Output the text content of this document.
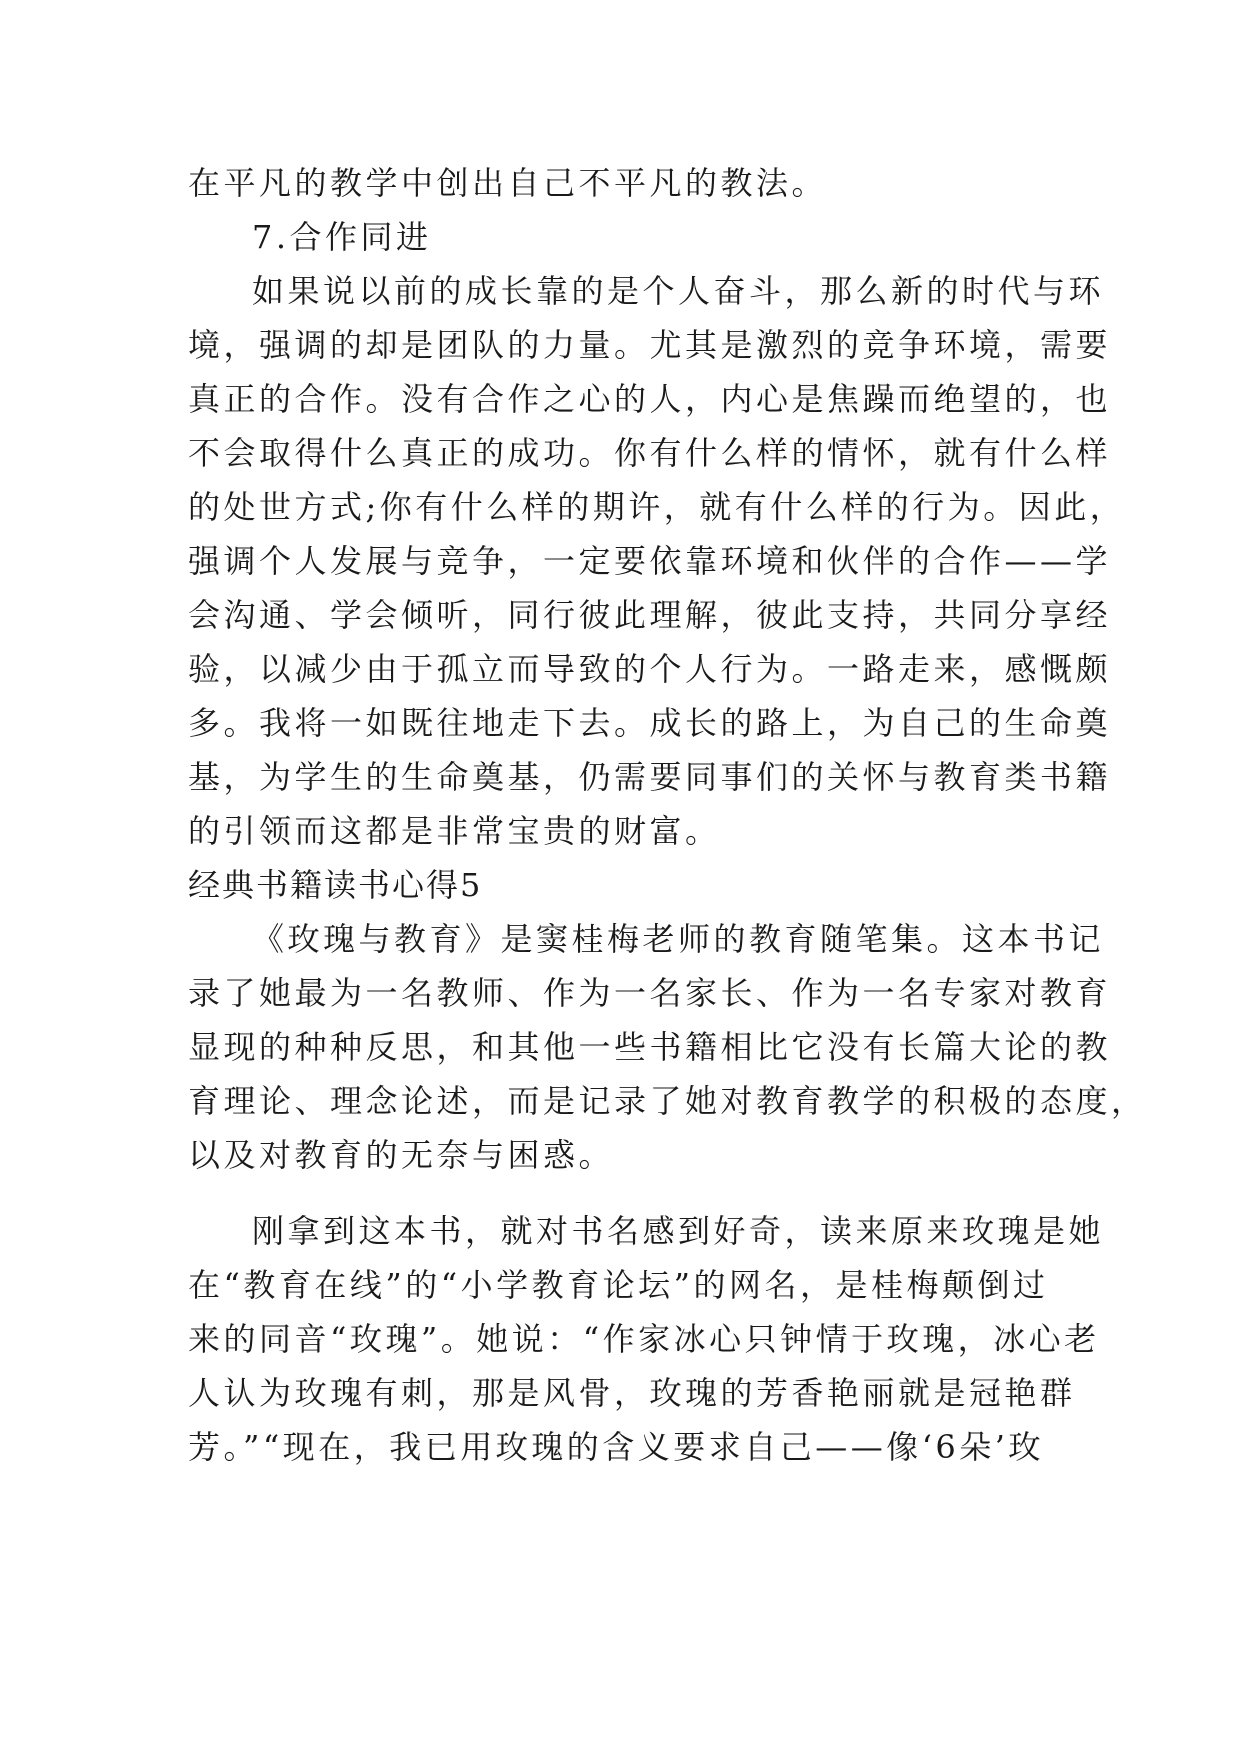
在平凡的教学中创出自己不平凡的教法。
7.合作同进
如果说以前的成长靠的是个人奋斗，那么新的时代与环
境，强调的却是团队的力量。尤其是激烈的竞争环境，需要
真正的合作。没有合作之心的人，内心是焦躁而绝望的，也
不会取得什么真正的成功。你有什么样的情怀，就有什么样
的处世方式;你有什么样的期许，就有什么样的行为。因此，
强调个人发展与竞争，一定要依靠环境和伙伴的合作——学
会沟通、学会倾听，同行彼此理解，彼此支持，共同分享经
验，以减少由于孤立而导致的个人行为。一路走来，感慨颇
多。我将一如既往地走下去。成长的路上，为自己的生命奠
基，为学生的生命奠基，仍需要同事们的关怀与教育类书籍
的引领而这都是非常宝贵的财富。
经典书籍读书心得5
《玫瑰与教育》是窦桂梅老师的教育随笔集。这本书记
录了她最为一名教师、作为一名家长、作为一名专家对教育
显现的种种反思，和其他一些书籍相比它没有长篇大论的教
育理论、理念论述，而是记录了她对教育教学的积极的态度，
以及对教育的无奈与困惑。
刚拿到这本书，就对书名感到好奇，读来原来玫瑰是她
在“教育在线”的“小学教育论坛”的网名，是桂梅颠倒过
来的同音“玫瑰”。她说：“作家冰心只钟情于玫瑰，冰心老
人认为玫瑰有刺，那是风骨，玫瑰的芳香艳丽就是冠艳群
芳。”“现在，我已用玫瑰的含义要求自己——像‘6朵’玫
